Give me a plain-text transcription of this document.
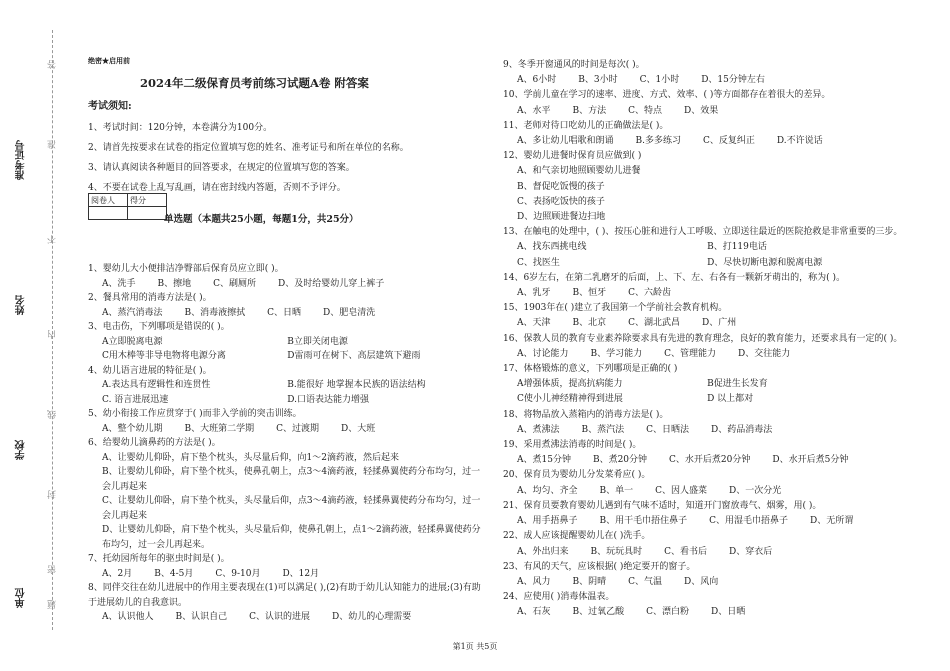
准考证号
姓名
学校
单位
答
准
不
内
线
封
密
题
绝密★启用前
2024年二级保育员考前练习试题A卷 附答案
考试须知:
1、考试时间：120分钟，本卷满分为100分。
2、请首先按要求在试卷的指定位置填写您的姓名、准考证号和所在单位的名称。
3、请认真阅读各种题目的回答要求，在规定的位置填写您的答案。
4、不要在试卷上乱写乱画，请在密封线内答题，否则不予评分。
阅卷人	得分

单选题（本题共25小题，每题1分，共25分）
1、婴幼儿大小便排洁净臀部后保育员应立即( )。
A、洗手 B、擦地 C、刷厕所 D、及时给婴幼儿穿上裤子
2、餐具常用的消毒方法是( )。
A、蒸汽消毒法 B、消毒液擦拭 C、日晒 D、肥皂清洗
3、电击伤，下列哪项是错误的( )。
A立即脱离电源	B立即关闭电源
C用木棒等非导电物将电源分离	D雷雨可在树下、高层建筑下避雨
4、幼儿语言进展的特征是( )。
A.表达具有逻辑性和连贯性	B.能很好 地掌握本民族的语法结构
C. 语言进展迅速	D.口语表达能力增强
5、幼小衔接工作应贯穿于( )而非入学前的突击训练。
A、整个幼儿期 B、大班第二学期 C、过渡期 D、大班
6、给婴幼儿滴鼻药的方法是( )。
A、让婴幼儿仰卧，肩下垫个枕头，头尽量后仰，向1～2滴药液，然后起来
B、让婴幼儿仰卧，肩下垫个枕头，使鼻孔朝上，点3～4滴药液，轻揉鼻翼使药分布均匀，过一会儿再起来
C、让婴幼儿仰卧，肩下垫个枕头，头尽量后仰，点3～4滴药液，轻揉鼻翼使药分布均匀，过一会儿再起来
D、让婴幼儿仰卧，肩下垫个枕头，头尽量后仰，使鼻孔朝上，点1～2滴药液，轻揉鼻翼使药分布均匀，过一会儿再起来。
7、托幼园所每年的驱虫时间是( )。
A、2月 B、4-5月 C、9-10月 D、12月
8、同伴交往在幼儿进展中的作用主要表现在(1)可以满足( ),(2)有助于幼儿认知能力的进展;(3)有助于进展幼儿的自我意识。
A、认识他人 B、认识自己 C、认识的进展 D、幼儿的心理需要
9、冬季开窗通风的时间是每次( )。
A、6小时 B、3小时 C、1小时 D、15分钟左右
10、学前儿童在学习的速率、进度、方式、效率、( )等方面都存在着很大的差异。
A、水平 B、方法 C、特点 D、效果
11、老师对待口吃幼儿的正确做法是( )。
A、多让幼儿唱歌和朗诵 B.多多练习 C、反复纠正 D.不许说话
12、婴幼儿进餐时保育员应做到( )
A、和气亲切地照顾婴幼儿进餐
B、督促吃饭慢的孩子
C、表扬吃饭快的孩子
D、边照顾进餐边扫地
13、在触电的处理中，( )、按压心脏和进行人工呼吸、立即送往最近的医院抢救是非常重要的三步。
A、找东西挑电线	B、打119电话
C、找医生	D、尽快切断电源和脱离电源
14、6岁左右，在第二乳磨牙的后面，上、下、左、右各有一颗新牙萌出的，称为( )。
A、乳牙 B、恒牙 C、六龄齿
15、1903年在( )建立了我国第一个学前社会教育机构。
A、天津 B、北京 C、湖北武昌 D、广州
16、保教人员的教育专业素养除要求具有先进的教育理念，良好的教育能力，还要求具有一定的( )。
A、讨论能力 B、学习能力 C、管理能力 D、交往能力
17、体格锻炼的意义，下列哪项是正确的( )
A增强体质，提高抗病能力	B促进生长发育
C使小儿神经精神得到进展	D 以上都对
18、将物品放入蒸箱内的消毒方法是( )。
A、煮沸法 B、蒸汽法 C、日晒法 D、药品消毒法
19、采用煮沸法消毒的时间是( )。
A、煮15分钟 B、煮20分钟 C、水开后煮20分钟 D、水开后煮5分钟
20、保育员为婴幼儿分发菜肴应( )。
A、均匀、齐全 B、单一 C、因人盛菜 D、一次分光
21、保育员要教育婴幼儿遇到有气味不适时，知道开门窗放毒气、烟雾，用( )。
A、用手捂鼻子 B、用干毛巾捂住鼻子 C、用湿毛巾捂鼻子 D、无所谓
22、成人应该提醒婴幼儿在( )洗手。
A、外出归来 B、玩玩具时 C、看书后 D、穿衣后
23、有风的天气，应该根据( )绝定要开的窗子。
A、风力 B、阴晴 C、气温 D、风向
24、应使用( )消毒体温表。
A、石灰 B、过氧乙酸 C、漂白粉 D、日晒
第1页 共5页
